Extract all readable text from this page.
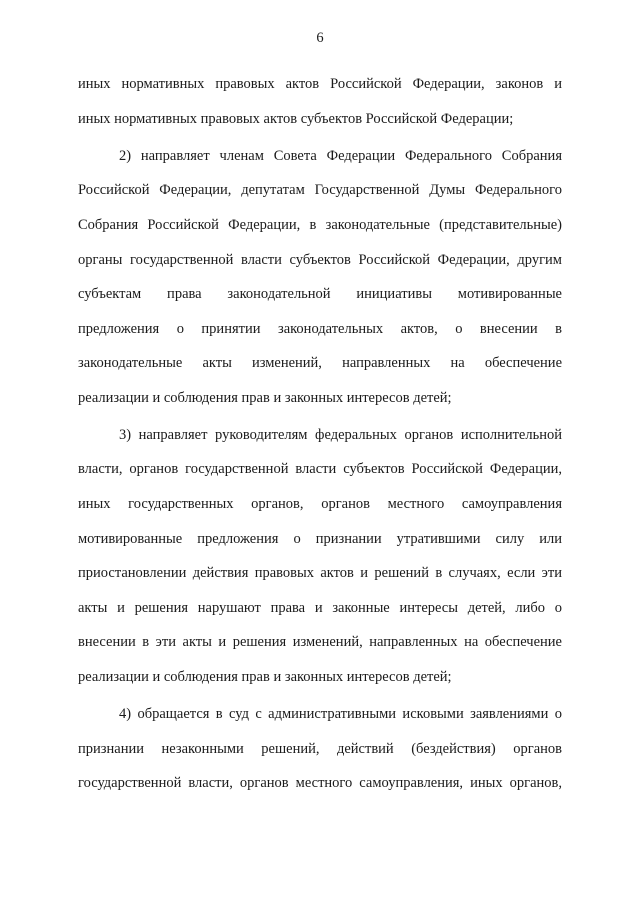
6
иных нормативных правовых актов Российской Федерации, законов и
иных нормативных правовых актов субъектов Российской Федерации;
2) направляет членам Совета Федерации Федерального Собрания
Российской Федерации, депутатам Государственной Думы Федерального
Собрания Российской Федерации, в законодательные (представительные)
органы государственной власти субъектов Российской Федерации, другим
субъектам права законодательной инициативы мотивированные
предложения о принятии законодательных актов, о внесении в
законодательные акты изменений, направленных на обеспечение
реализации и соблюдения прав и законных интересов детей;
3) направляет руководителям федеральных органов исполнительной
власти, органов государственной власти субъектов Российской Федерации,
иных государственных органов, органов местного самоуправления
мотивированные предложения о признании утратившими силу или
приостановлении действия правовых актов и решений в случаях, если эти
акты и решения нарушают права и законные интересы детей, либо о
внесении в эти акты и решения изменений, направленных на обеспечение
реализации и соблюдения прав и законных интересов детей;
4) обращается в суд с административными исковыми заявлениями о
признании незаконными решений, действий (бездействия) органов
государственной власти, органов местного самоуправления, иных органов,
